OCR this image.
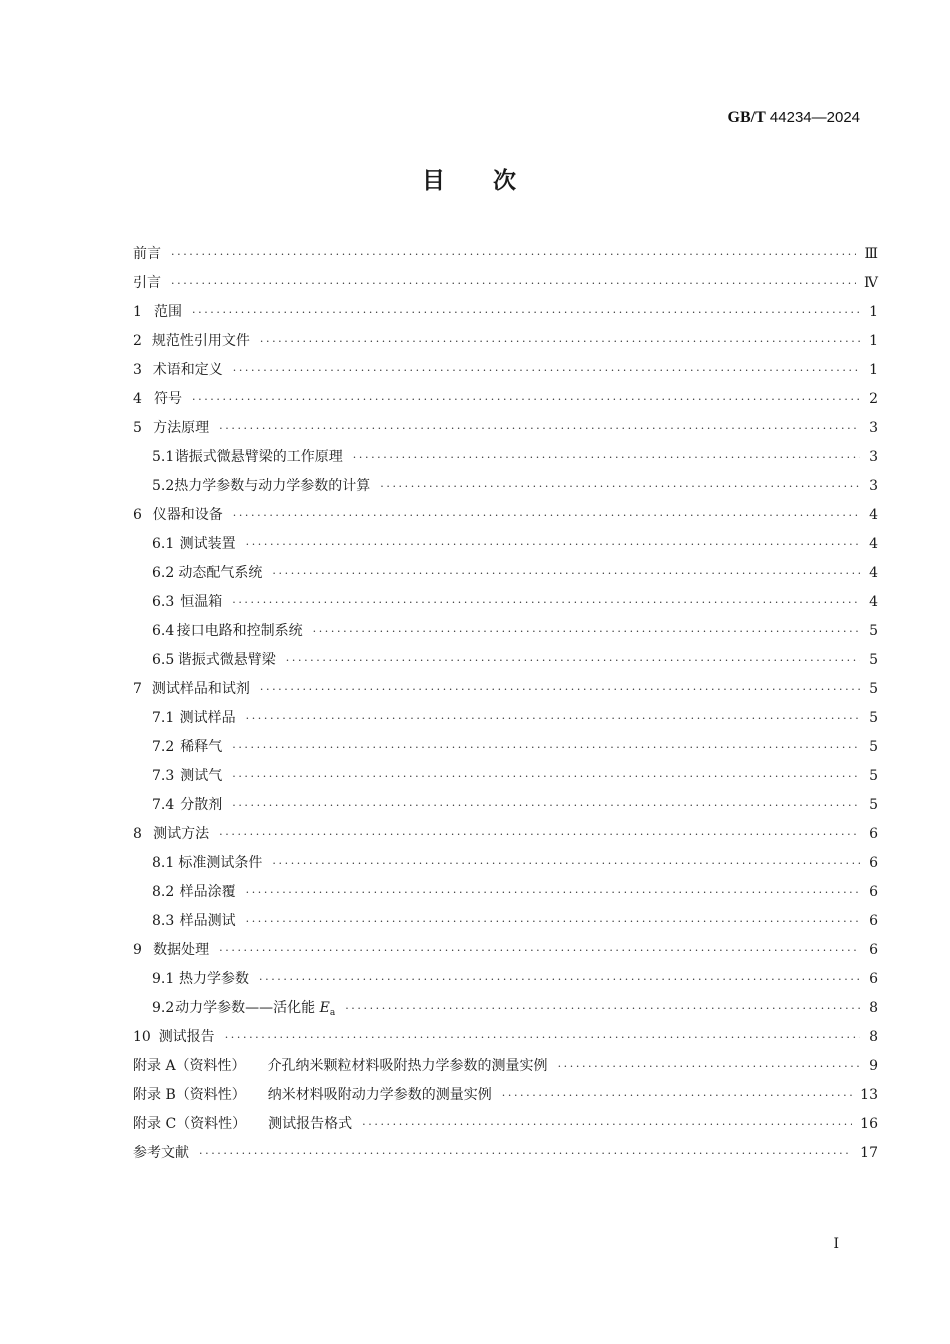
GB/T 44234—2024
目次
前言 ·····	Ⅲ
引言 ·····	Ⅳ
1 范围 ·····	1
2 规范性引用文件 ·····	1
3 术语和定义 ·····	1
4 符号 ·····	2
5 方法原理 ·····	3
5.1 谐振式微悬臂梁的工作原理 ·····	3
5.2 热力学参数与动力学参数的计算 ·····	3
6 仪器和设备 ·····	4
6.1 测试装置 ·····	4
6.2 动态配气系统 ·····	4
6.3 恒温箱 ·····	4
6.4 接口电路和控制系统 ·····	5
6.5 谐振式微悬臂梁 ·····	5
7 测试样品和试剂 ·····	5
7.1 测试样品 ·····	5
7.2 稀释气 ·····	5
7.3 测试气 ·····	5
7.4 分散剂 ·····	5
8 测试方法 ·····	6
8.1 标准测试条件 ·····	6
8.2 样品涂覆 ·····	6
8.3 样品测试 ·····	6
9 数据处理 ·····	6
9.1 热力学参数 ·····	6
9.2 动力学参数——活化能 $E_a$ ·····	8
10 测试报告 ·····	8
附录 A（资料性）	介孔纳米颗粒材料吸附热力学参数的测量实例 ·····	9
附录 B（资料性）	纳米材料吸附动力学参数的测量实例 ·····	13
附录 C（资料性）	测试报告格式 ·····	16
参考文献 ·····	17
I
